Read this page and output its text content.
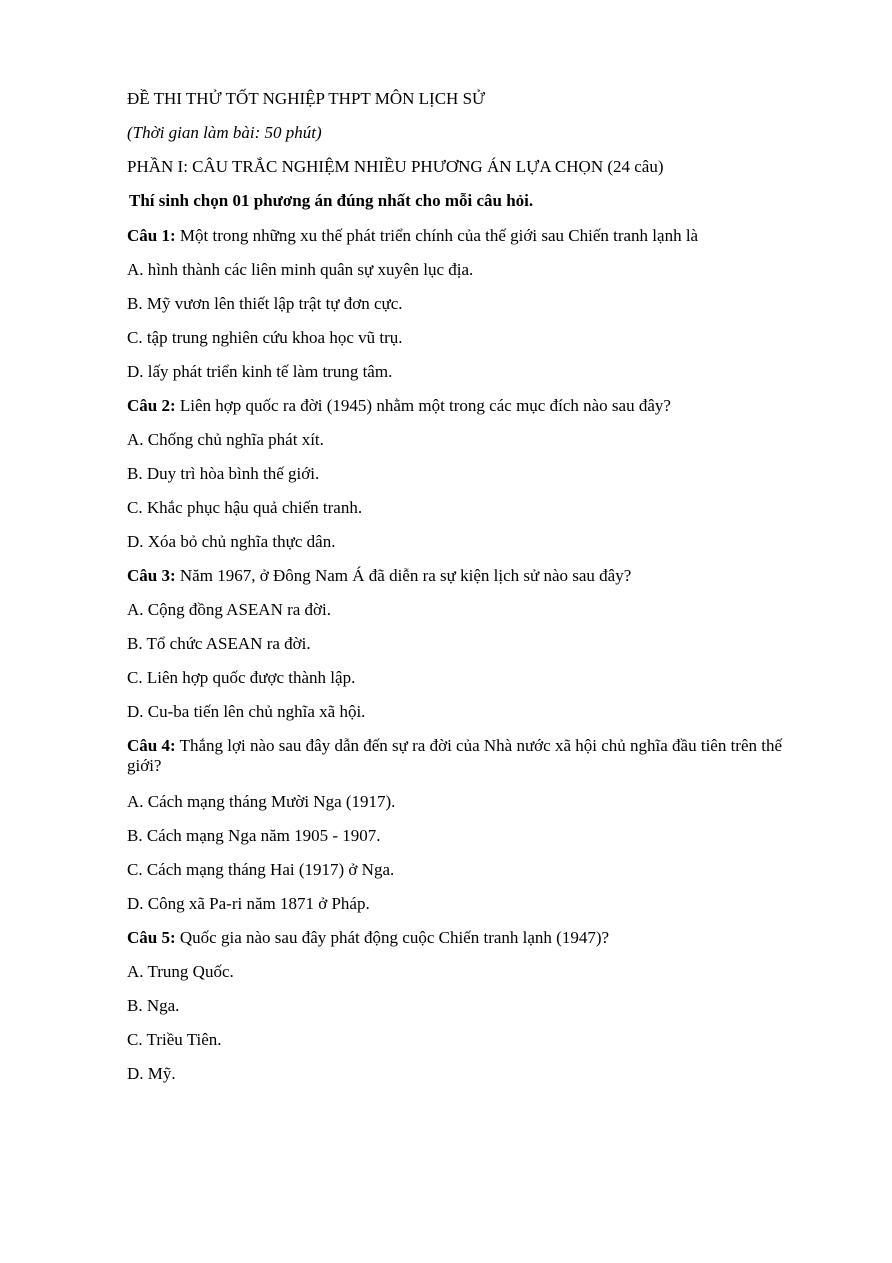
ĐỀ THI THỬ TỐT NGHIỆP THPT MÔN LỊCH SỬ
(Thời gian làm bài: 50 phút)
PHẦN I: CÂU TRẮC NGHIỆM NHIỀU PHƯƠNG ÁN LỰA CHỌN (24 câu)
Thí sinh chọn 01 phương án đúng nhất cho mỗi câu hỏi.
Câu 1: Một trong những xu thế phát triển chính của thế giới sau Chiến tranh lạnh là
A. hình thành các liên minh quân sự xuyên lục địa.
B. Mỹ vươn lên thiết lập trật tự đơn cực.
C. tập trung nghiên cứu khoa học vũ trụ.
D. lấy phát triển kinh tế làm trung tâm.
Câu 2: Liên hợp quốc ra đời (1945) nhằm một trong các mục đích nào sau đây?
A. Chống chủ nghĩa phát xít.
B. Duy trì hòa bình thế giới.
C. Khắc phục hậu quả chiến tranh.
D. Xóa bỏ chủ nghĩa thực dân.
Câu 3: Năm 1967, ở Đông Nam Á đã diễn ra sự kiện lịch sử nào sau đây?
A. Cộng đồng ASEAN ra đời.
B. Tổ chức ASEAN ra đời.
C. Liên hợp quốc được thành lập.
D. Cu-ba tiến lên chủ nghĩa xã hội.
Câu 4: Thắng lợi nào sau đây dẫn đến sự ra đời của Nhà nước xã hội chủ nghĩa đầu tiên trên thế giới?
A. Cách mạng tháng Mười Nga (1917).
B. Cách mạng Nga năm 1905 - 1907.
C. Cách mạng tháng Hai (1917) ở Nga.
D. Công xã Pa-ri năm 1871 ở Pháp.
Câu 5: Quốc gia nào sau đây phát động cuộc Chiến tranh lạnh (1947)?
A. Trung Quốc.
B. Nga.
C. Triều Tiên.
D. Mỹ.
